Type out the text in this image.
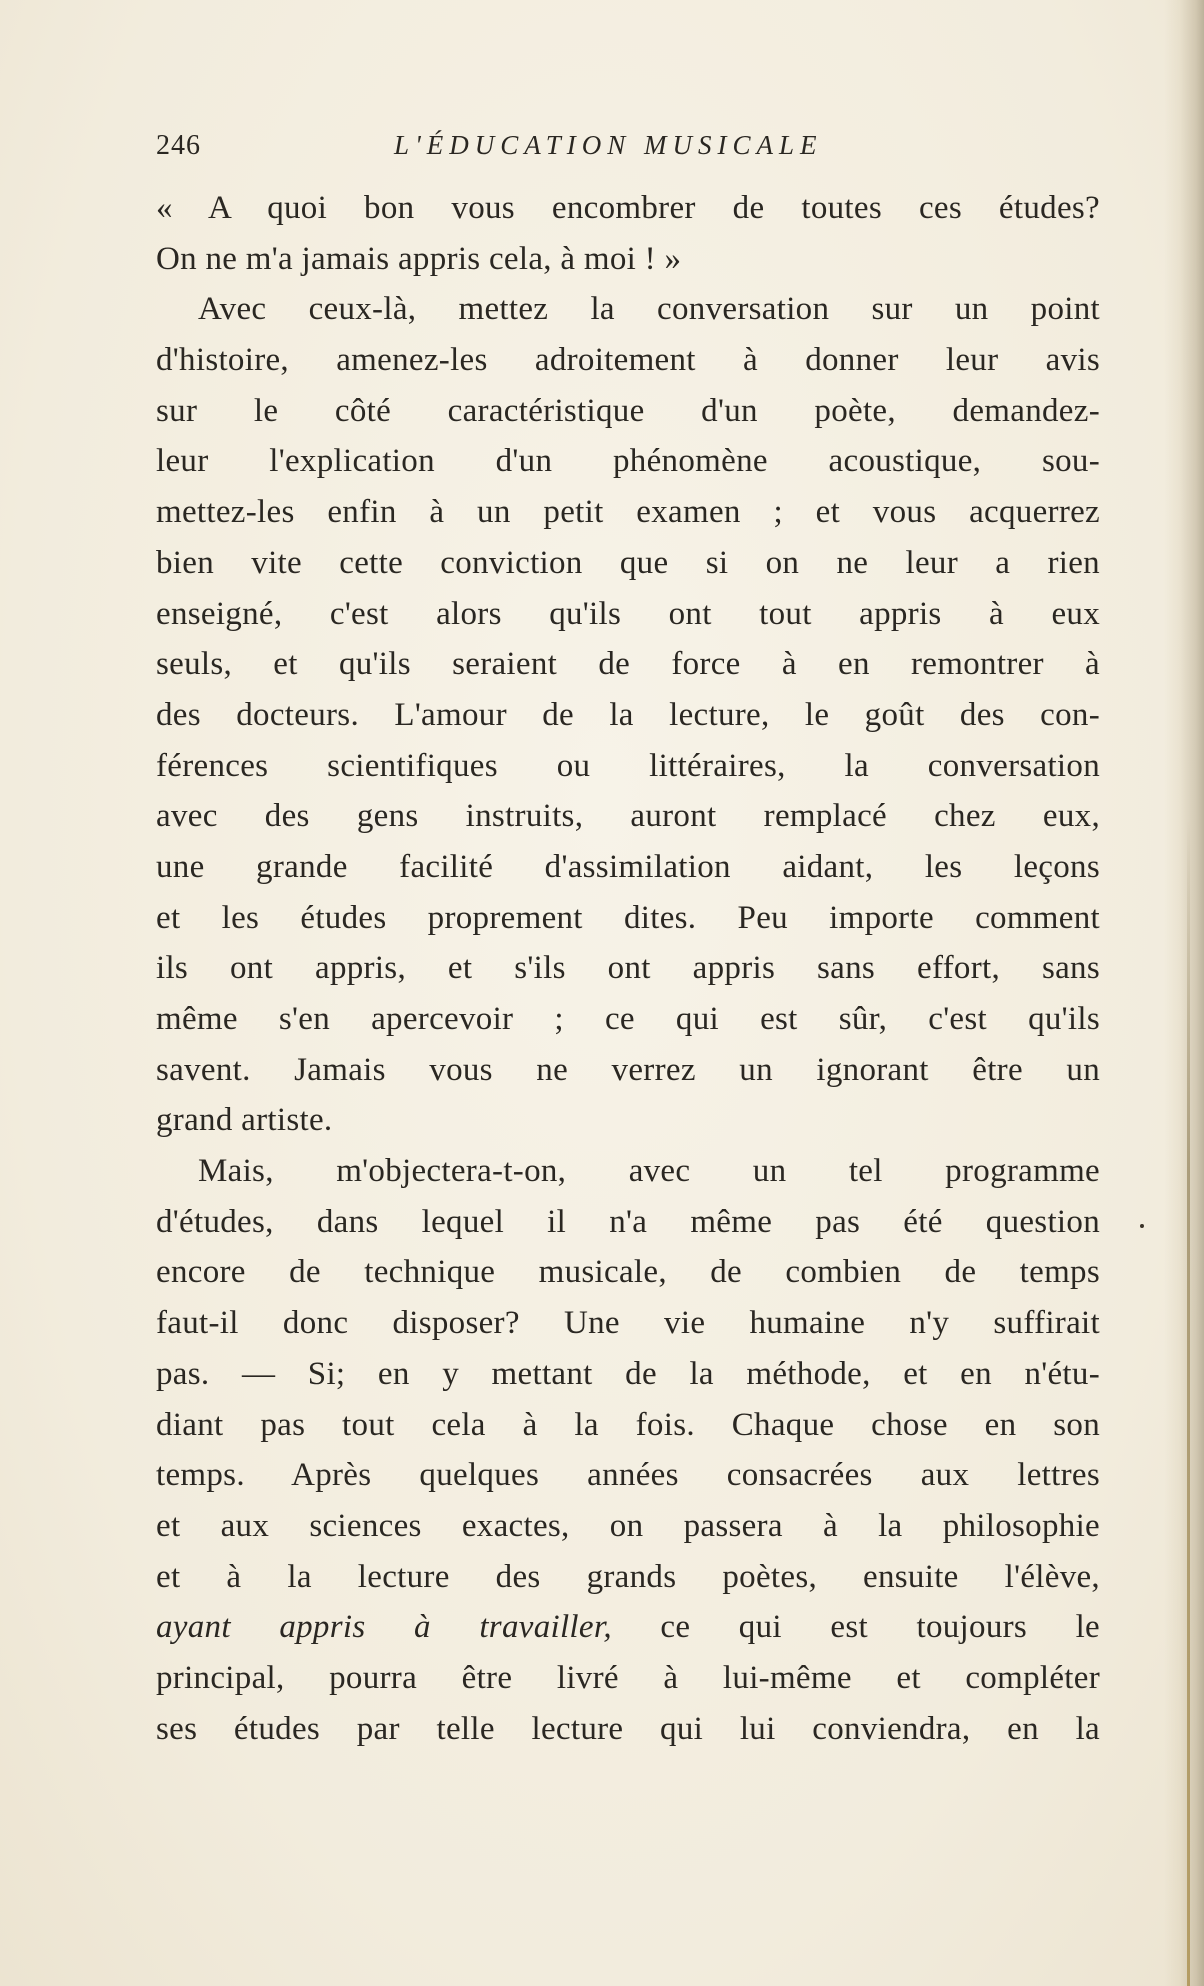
246	L'ÉDUCATION MUSICALE
« A quoi bon vous encombrer de toutes ces études?
On ne m'a jamais appris cela, à moi ! »
Avec ceux-là, mettez la conversation sur un point
d'histoire, amenez-les adroitement à donner leur avis
sur le côté caractéristique d'un poète, demandez-
leur l'explication d'un phénomène acoustique, sou-
mettez-les enfin à un petit examen ; et vous acquerrez
bien vite cette conviction que si on ne leur a rien
enseigné, c'est alors qu'ils ont tout appris à eux
seuls, et qu'ils seraient de force à en remontrer à
des docteurs. L'amour de la lecture, le goût des con-
férences scientifiques ou littéraires, la conversation
avec des gens instruits, auront remplacé chez eux,
une grande facilité d'assimilation aidant, les leçons
et les études proprement dites. Peu importe comment
ils ont appris, et s'ils ont appris sans effort, sans
même s'en apercevoir ; ce qui est sûr, c'est qu'ils
savent. Jamais vous ne verrez un ignorant être un
grand artiste.
Mais, m'objectera-t-on, avec un tel programme
d'études, dans lequel il n'a même pas été question
encore de technique musicale, de combien de temps
faut-il donc disposer? Une vie humaine n'y suffirait
pas. — Si; en y mettant de la méthode, et en n'étu-
diant pas tout cela à la fois. Chaque chose en son
temps. Après quelques années consacrées aux lettres
et aux sciences exactes, on passera à la philosophie
et à la lecture des grands poètes, ensuite l'élève,
ayant appris à travailler, ce qui est toujours le
principal, pourra être livré à lui-même et compléter
ses études par telle lecture qui lui conviendra, en la
